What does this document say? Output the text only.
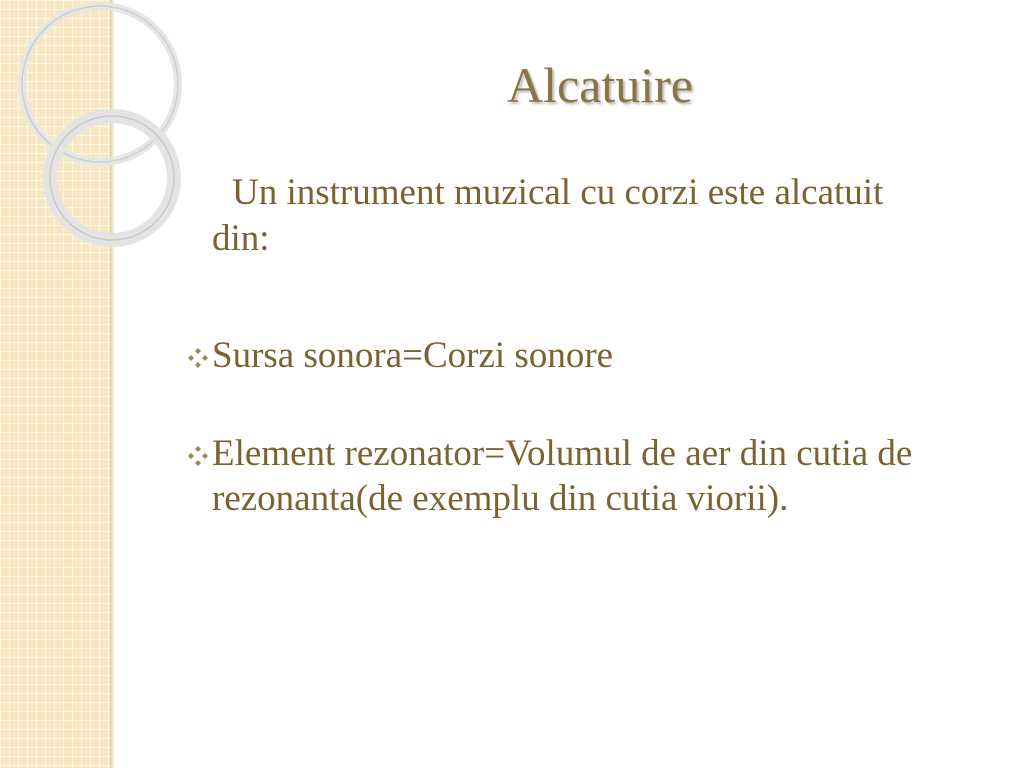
Alcatuire
Un instrument muzical cu corzi este alcatuit din:
Sursa sonora=Corzi sonore
Element rezonator=Volumul de aer din cutia de rezonanta(de exemplu din cutia viorii).
